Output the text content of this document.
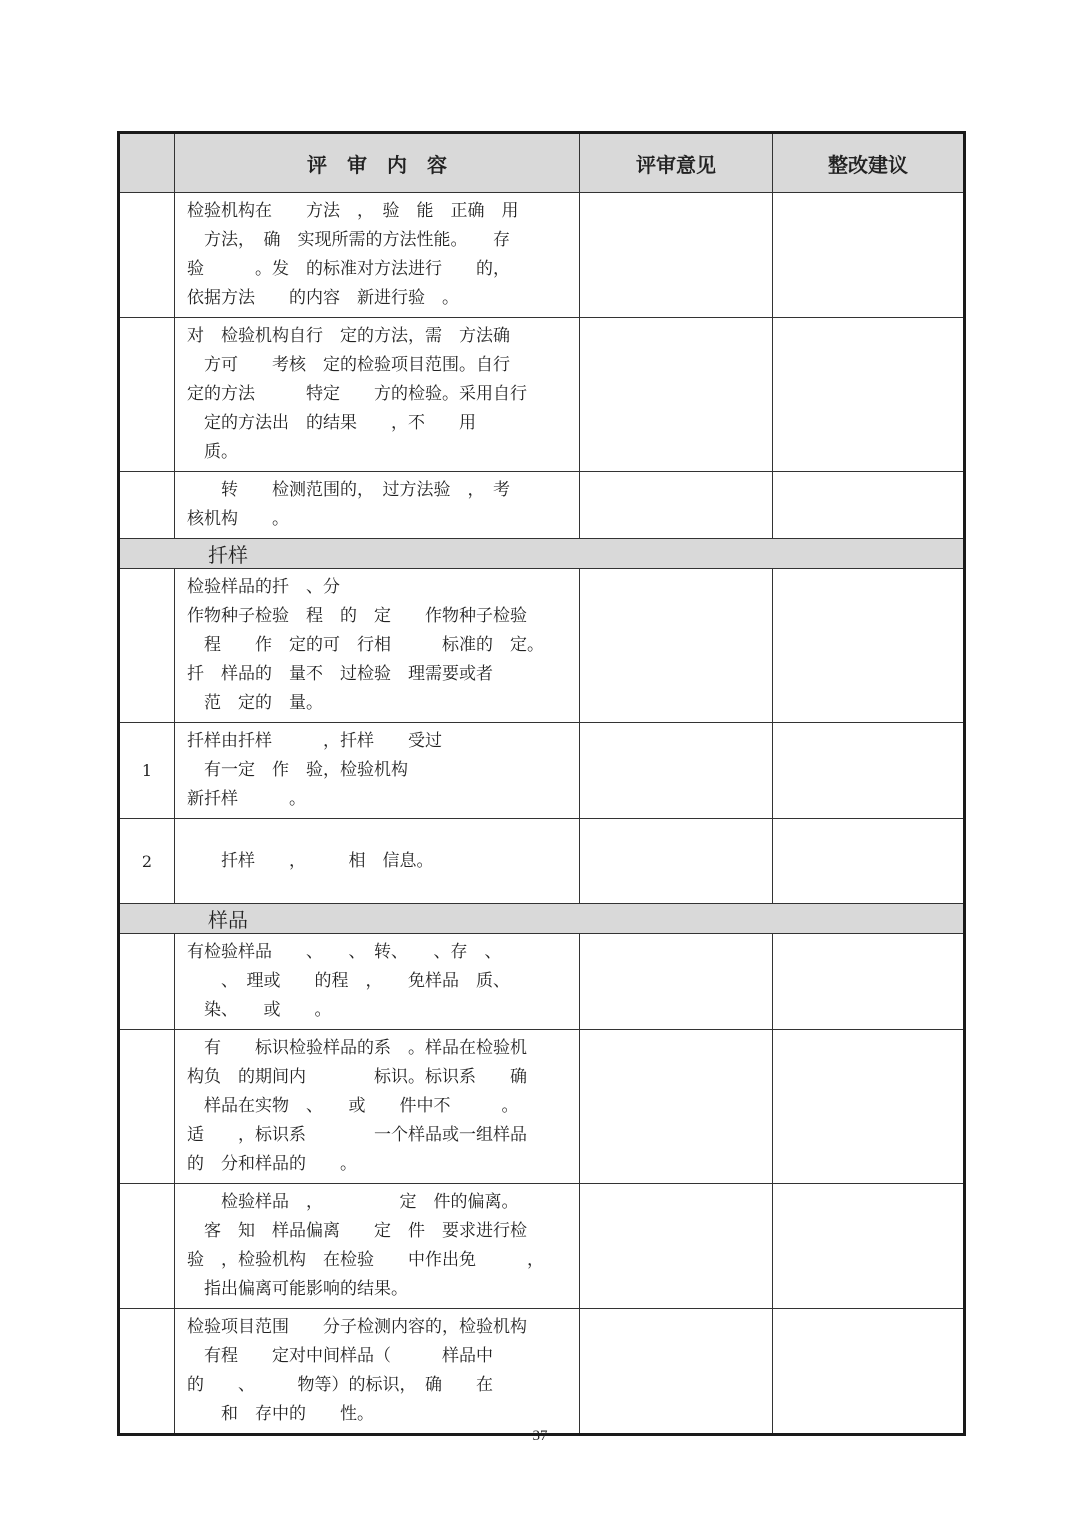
	评　审　内　容	评审意见	整改建议

	检验机构在　　方法　，　验　能　正确　用
　方法，　确　实现所需的方法性能。　　存
验　　　。发　的标准对方法进行　　的，
依据方法　　的内容　新进行验　。		

	对　检验机构自行　定的方法，需　方法确
　方可　　考核　定的检验项目范围。自行
定的方法　　　特定　　方的检验。采用自行
　定的方法出　的结果　　，不　　用
　质。		

	　　转　　检测范围的，　过方法验　，　考
核机构　　。		

扦样			

	检验样品的扦　、分
作物种子检验　程　的　定　　作物种子检验
　程　　作　定的可　行相　　　标准的　定。
扦　样品的　量不　过检验　理需要或者
　范　定的　量。		

1	扦样由扦样　　　，扦样　　受过
　有一定　作　验，检验机构
新扦样　　　。		

2	　　扦样　　，　　　相　信息。		

样品			

	有检验样品　　、　　、　转、　　、存　、
　　、　理或　　的程　，　　免样品　质、
　染、　　或　　。		

	　有　　标识检验样品的系　。样品在检验机
构负　的期间内　　　　标识。标识系　　确
　样品在实物　、　　或　　件中不　　　。
适　　，标识系　　　　一个样品或一组样品
的　分和样品的　　。		

	　　检验样品　，　　　　　定　件的偏离。
　客　知　样品偏离　　定　件　要求进行检
验　，检验机构　在检验　　中作出免　　　，
　指出偏离可能影响的结果。		

	检验项目范围　　分子检测内容的，检验机构
　有程　　定对中间样品（　　　样品中
的　　、　　　物等）的标识，　确　　在
　　和　存中的　　性。		

37
